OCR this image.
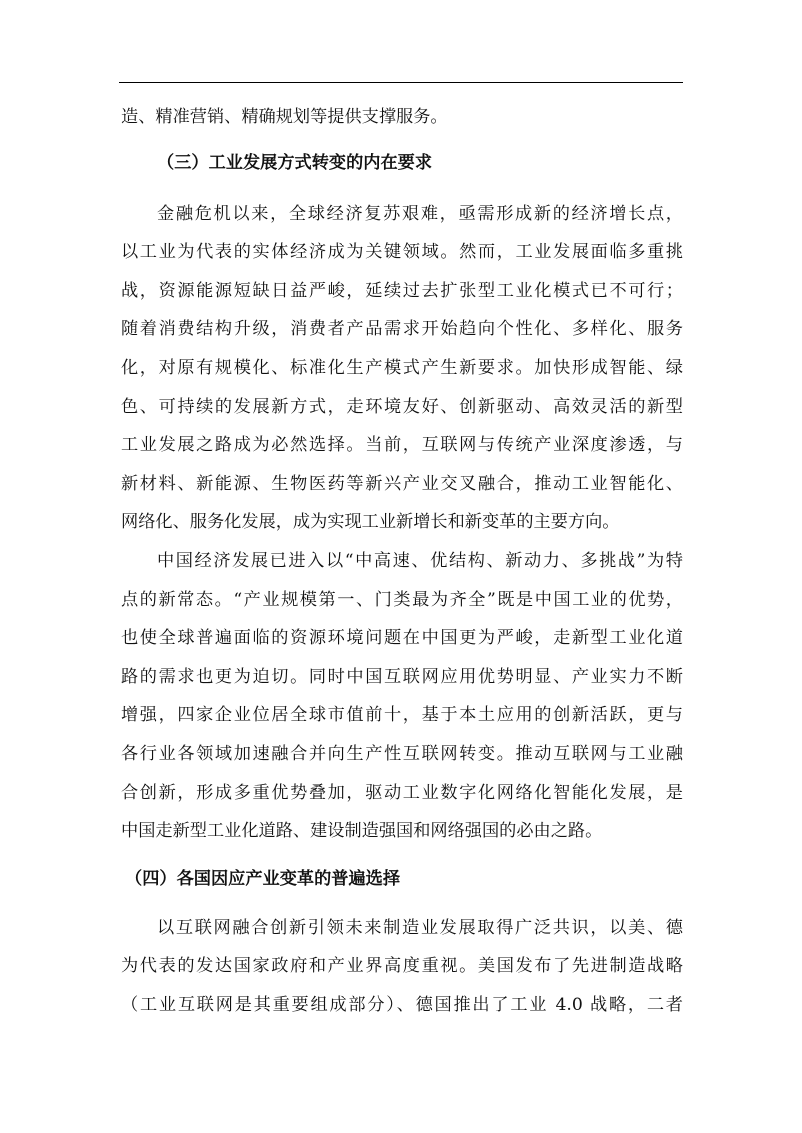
造、精准营销、精确规划等提供支撑服务。
（三）工业发展方式转变的内在要求
金融危机以来，全球经济复苏艰难，亟需形成新的经济增长点，
以工业为代表的实体经济成为关键领域。然而，工业发展面临多重挑
战，资源能源短缺日益严峻，延续过去扩张型工业化模式已不可行；
随着消费结构升级，消费者产品需求开始趋向个性化、多样化、服务
化，对原有规模化、标准化生产模式产生新要求。加快形成智能、绿
色、可持续的发展新方式，走环境友好、创新驱动、高效灵活的新型
工业发展之路成为必然选择。当前，互联网与传统产业深度渗透，与
新材料、新能源、生物医药等新兴产业交叉融合，推动工业智能化、
网络化、服务化发展，成为实现工业新增长和新变革的主要方向。
中国经济发展已进入以“中高速、优结构、新动力、多挑战”为特
点的新常态。“产业规模第一、门类最为齐全”既是中国工业的优势，
也使全球普遍面临的资源环境问题在中国更为严峻，走新型工业化道
路的需求也更为迫切。同时中国互联网应用优势明显、产业实力不断
增强，四家企业位居全球市值前十，基于本土应用的创新活跃，更与
各行业各领域加速融合并向生产性互联网转变。推动互联网与工业融
合创新，形成多重优势叠加，驱动工业数字化网络化智能化发展，是
中国走新型工业化道路、建设制造强国和网络强国的必由之路。
（四）各国因应产业变革的普遍选择
以互联网融合创新引领未来制造业发展取得广泛共识，以美、德
为代表的发达国家政府和产业界高度重视。美国发布了先进制造战略
（工业互联网是其重要组成部分）、德国推出了工业 4.0 战略，二者
